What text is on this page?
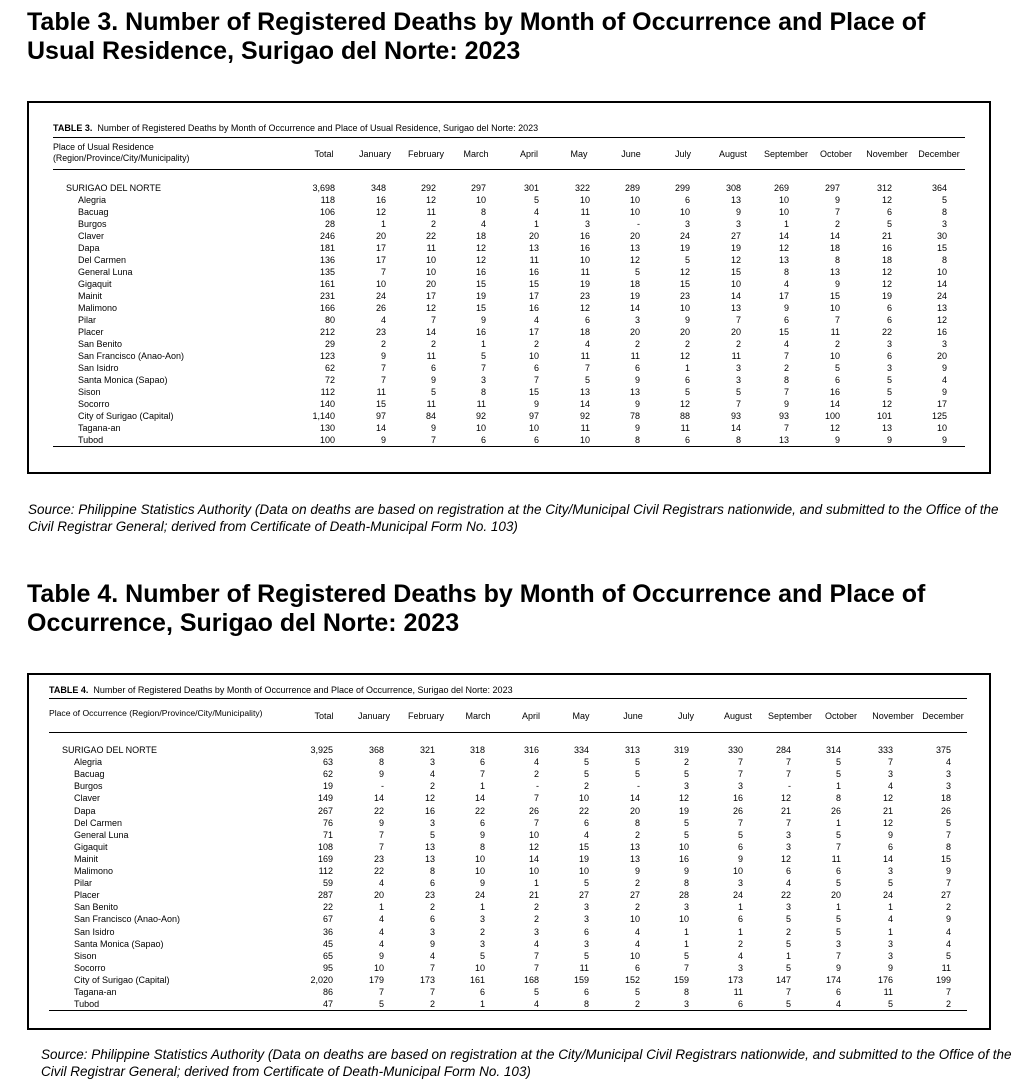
Table 3. Number of Registered Deaths by Month of Occurrence and Place of Usual Residence, Surigao del Norte: 2023
TABLE 3. Number of Registered Deaths by Month of Occurrence and Place of Usual Residence, Surigao del Norte: 2023
Place of Usual Residence
(Region/Province/City/Municipality)	Total	January	February	March	April	May	June	July	August	September	October	November	December
SURIGAO DEL NORTE	3,698	348	292	297	301	322	289	299	308	269	297	312	364
Alegria	118	16	12	10	5	10	10	6	13	10	9	12	5
Bacuag	106	12	11	8	4	11	10	10	9	10	7	6	8
Burgos	28	1	2	4	1	3	-	3	3	1	2	5	3
Claver	246	20	22	18	20	16	20	24	27	14	14	21	30
Dapa	181	17	11	12	13	16	13	19	19	12	18	16	15
Del Carmen	136	17	10	12	11	10	12	5	12	13	8	18	8
General Luna	135	7	10	16	16	11	5	12	15	8	13	12	10
Gigaquit	161	10	20	15	15	19	18	15	10	4	9	12	14
Mainit	231	24	17	19	17	23	19	23	14	17	15	19	24
Malimono	166	26	12	15	16	12	14	10	13	9	10	6	13
Pilar	80	4	7	9	4	6	3	9	7	6	7	6	12
Placer	212	23	14	16	17	18	20	20	20	15	11	22	16
San Benito	29	2	2	1	2	4	2	2	2	4	2	3	3
San Francisco (Anao-Aon)	123	9	11	5	10	11	11	12	11	7	10	6	20
San Isidro	62	7	6	7	6	7	6	1	3	2	5	3	9
Santa Monica (Sapao)	72	7	9	3	7	5	9	6	3	8	6	5	4
Sison	112	11	5	8	15	13	13	5	5	7	16	5	9
Socorro	140	15	11	11	9	14	9	12	7	9	14	12	17
City of Surigao (Capital)	1,140	97	84	92	97	92	78	88	93	93	100	101	125
Tagana-an	130	14	9	10	10	11	9	11	14	7	12	13	10
Tubod	100	9	7	6	6	10	8	6	8	13	9	9	9
Source: Philippine Statistics Authority (Data on deaths are based on registration at the City/Municipal Civil Registrars nationwide, and submitted to the Office of the Civil Registrar General; derived from Certificate of Death-Municipal Form No. 103)
Table 4. Number of Registered Deaths by Month of Occurrence and Place of Occurrence, Surigao del Norte: 2023
TABLE 4. Number of Registered Deaths by Month of Occurrence and Place of Occurrence, Surigao del Norte: 2023
Place of Occurrence (Region/Province/City/Municipality)	Total	January	February	March	April	May	June	July	August	September	October	November December
SURIGAO DEL NORTE	3,925	368	321	318	316	334	313	319	330	284	314	333	375
Alegria	63	8	3	6	4	5	5	2	7	7	5	7	4
Bacuag	62	9	4	7	2	5	5	5	7	7	5	3	3
Burgos	19	-	2	1	-	2	-	3	3	-	1	4	3
Claver	149	14	12	14	7	10	14	12	16	12	8	12	18
Dapa	267	22	16	22	26	22	20	19	26	21	26	21	26
Del Carmen	76	9	3	6	7	6	8	5	7	7	1	12	5
General Luna	71	7	5	9	10	4	2	5	5	3	5	9	7
Gigaquit	108	7	13	8	12	15	13	10	6	3	7	6	8
Mainit	169	23	13	10	14	19	13	16	9	12	11	14	15
Malimono	112	22	8	10	10	10	9	9	10	6	6	3	9
Pilar	59	4	6	9	1	5	2	8	3	4	5	5	7
Placer	287	20	23	24	21	27	27	28	24	22	20	24	27
San Benito	22	1	2	1	2	3	2	3	1	3	1	1	2
San Francisco (Anao-Aon)	67	4	6	3	2	3	10	10	6	5	5	4	9
San Isidro	36	4	3	2	3	6	4	1	1	2	5	1	4
Santa Monica (Sapao)	45	4	9	3	4	3	4	1	2	5	3	3	4
Sison	65	9	4	5	7	5	10	5	4	1	7	3	5
Socorro	95	10	7	10	7	11	6	7	3	5	9	9	11
City of Surigao (Capital)	2,020	179	173	161	168	159	152	159	173	147	174	176	199
Tagana-an	86	7	7	6	5	6	5	8	11	7	6	11	7
Tubod	47	5	2	1	4	8	2	3	6	5	4	5	2
Source: Philippine Statistics Authority (Data on deaths are based on registration at the City/Municipal Civil Registrars nationwide, and submitted to the Office of the Civil Registrar General; derived from Certificate of Death-Municipal Form No. 103)
